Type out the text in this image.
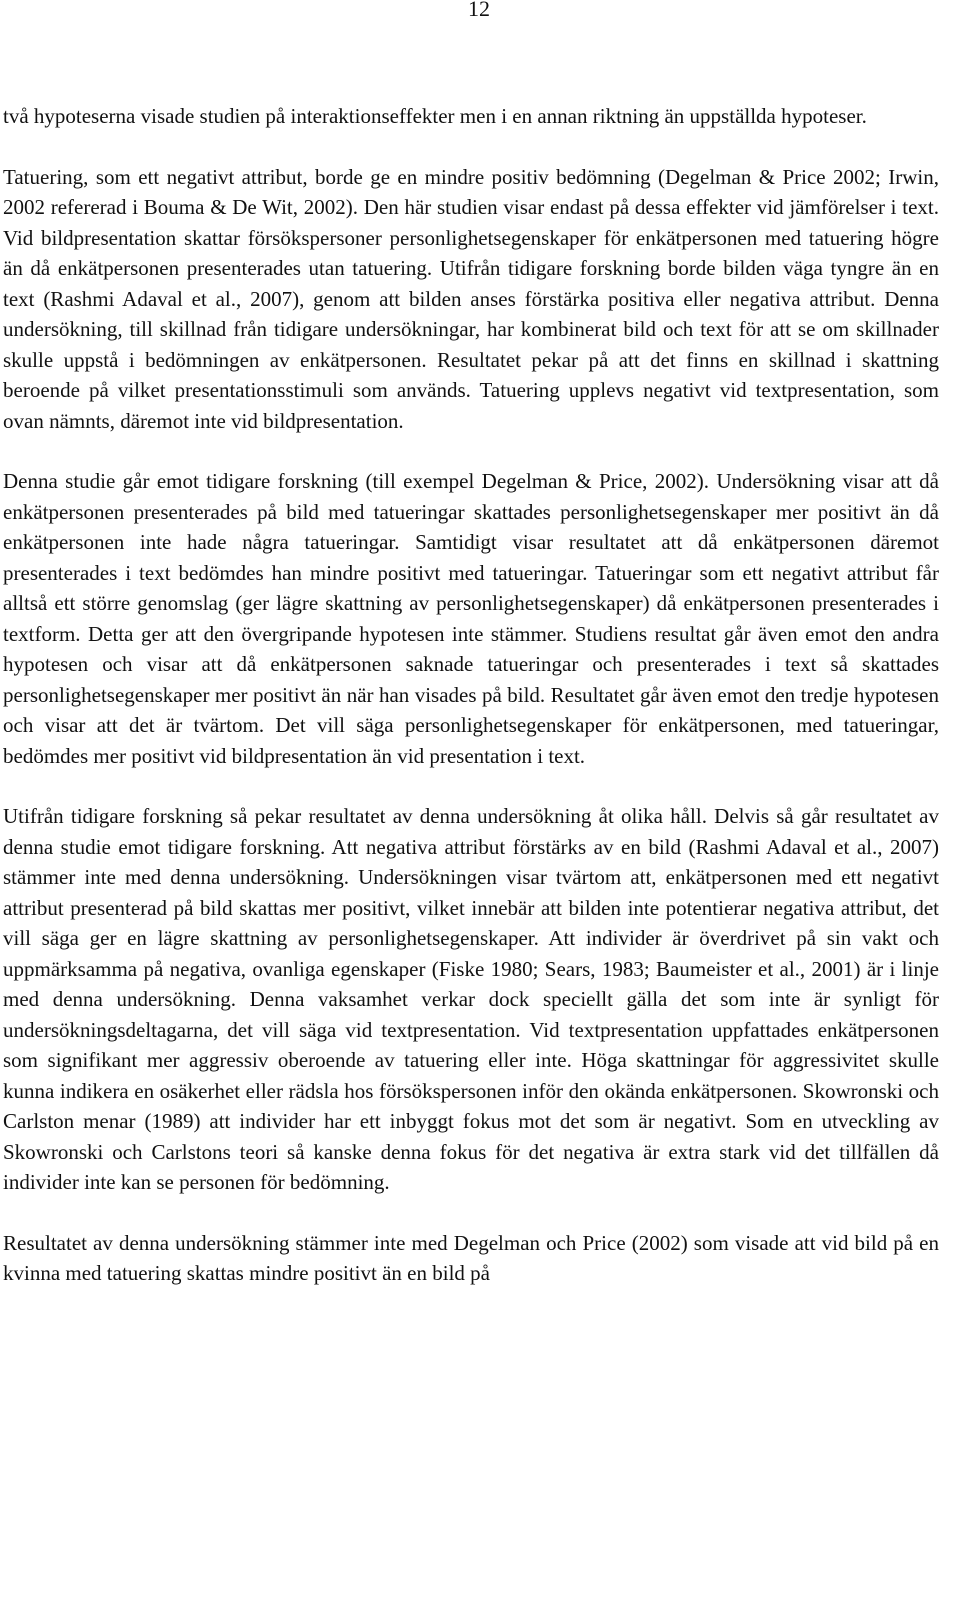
12

två hypoteserna visade studien på interaktionseffekter men i en annan riktning än uppställda hypoteser.

Tatuering, som ett negativt attribut, borde ge en mindre positiv bedömning (Degelman & Price 2002; Irwin, 2002 refererad i Bouma & De Wit, 2002). Den här studien visar endast på dessa effekter vid jämförelser i text. Vid bildpresentation skattar försökspersoner personlighetsegenskaper för enkätpersonen med tatuering högre än då enkätpersonen presenterades utan tatuering. Utifrån tidigare forskning borde bilden väga tyngre än en text (Rashmi Adaval et al., 2007), genom att bilden anses förstärka positiva eller negativa attribut. Denna undersökning, till skillnad från tidigare undersökningar, har kombinerat bild och text för att se om skillnader skulle uppstå i bedömningen av enkätpersonen. Resultatet pekar på att det finns en skillnad i skattning beroende på vilket presentationsstimuli som används. Tatuering upplevs negativt vid textpresentation, som ovan nämnts, däremot inte vid bildpresentation.

Denna studie går emot tidigare forskning (till exempel Degelman & Price, 2002). Undersökning visar att då enkätpersonen presenterades på bild med tatueringar skattades personlighetsegenskaper mer positivt än då enkätpersonen inte hade några tatueringar. Samtidigt visar resultatet att då enkätpersonen däremot presenterades i text bedömdes han mindre positivt med tatueringar. Tatueringar som ett negativt attribut får alltså ett större genomslag (ger lägre skattning av personlighetsegenskaper) då enkätpersonen presenterades i textform. Detta ger att den övergripande hypotesen inte stämmer. Studiens resultat går även emot den andra hypotesen och visar att då enkätpersonen saknade tatueringar och presenterades i text så skattades personlighetsegenskaper mer positivt än när han visades på bild. Resultatet går även emot den tredje hypotesen och visar att det är tvärtom. Det vill säga personlighetsegenskaper för enkätpersonen, med tatueringar, bedömdes mer positivt vid bildpresentation än vid presentation i text.

Utifrån tidigare forskning så pekar resultatet av denna undersökning åt olika håll. Delvis så går resultatet av denna studie emot tidigare forskning. Att negativa attribut förstärks av en bild (Rashmi Adaval et al., 2007) stämmer inte med denna undersökning. Undersökningen visar tvärtom att, enkätpersonen med ett negativt attribut presenterad på bild skattas mer positivt, vilket innebär att bilden inte potentierar negativa attribut, det vill säga ger en lägre skattning av personlighetsegenskaper. Att individer är överdrivet på sin vakt och uppmärksamma på negativa, ovanliga egenskaper (Fiske 1980; Sears, 1983; Baumeister et al., 2001) är i linje med denna undersökning. Denna vaksamhet verkar dock speciellt gälla det som inte är synligt för undersökningsdeltagarna, det vill säga vid textpresentation. Vid textpresentation uppfattades enkätpersonen som signifikant mer aggressiv oberoende av tatuering eller inte. Höga skattningar för aggressivitet skulle kunna indikera en osäkerhet eller rädsla hos försökspersonen inför den okända enkätpersonen. Skowronski och Carlston menar (1989) att individer har ett inbyggt fokus mot det som är negativt. Som en utveckling av Skowronski och Carlstons teori så kanske denna fokus för det negativa är extra stark vid det tillfällen då individer inte kan se personen för bedömning.

Resultatet av denna undersökning stämmer inte med Degelman och Price (2002) som visade att vid bild på en kvinna med tatuering skattas mindre positivt än en bild på
